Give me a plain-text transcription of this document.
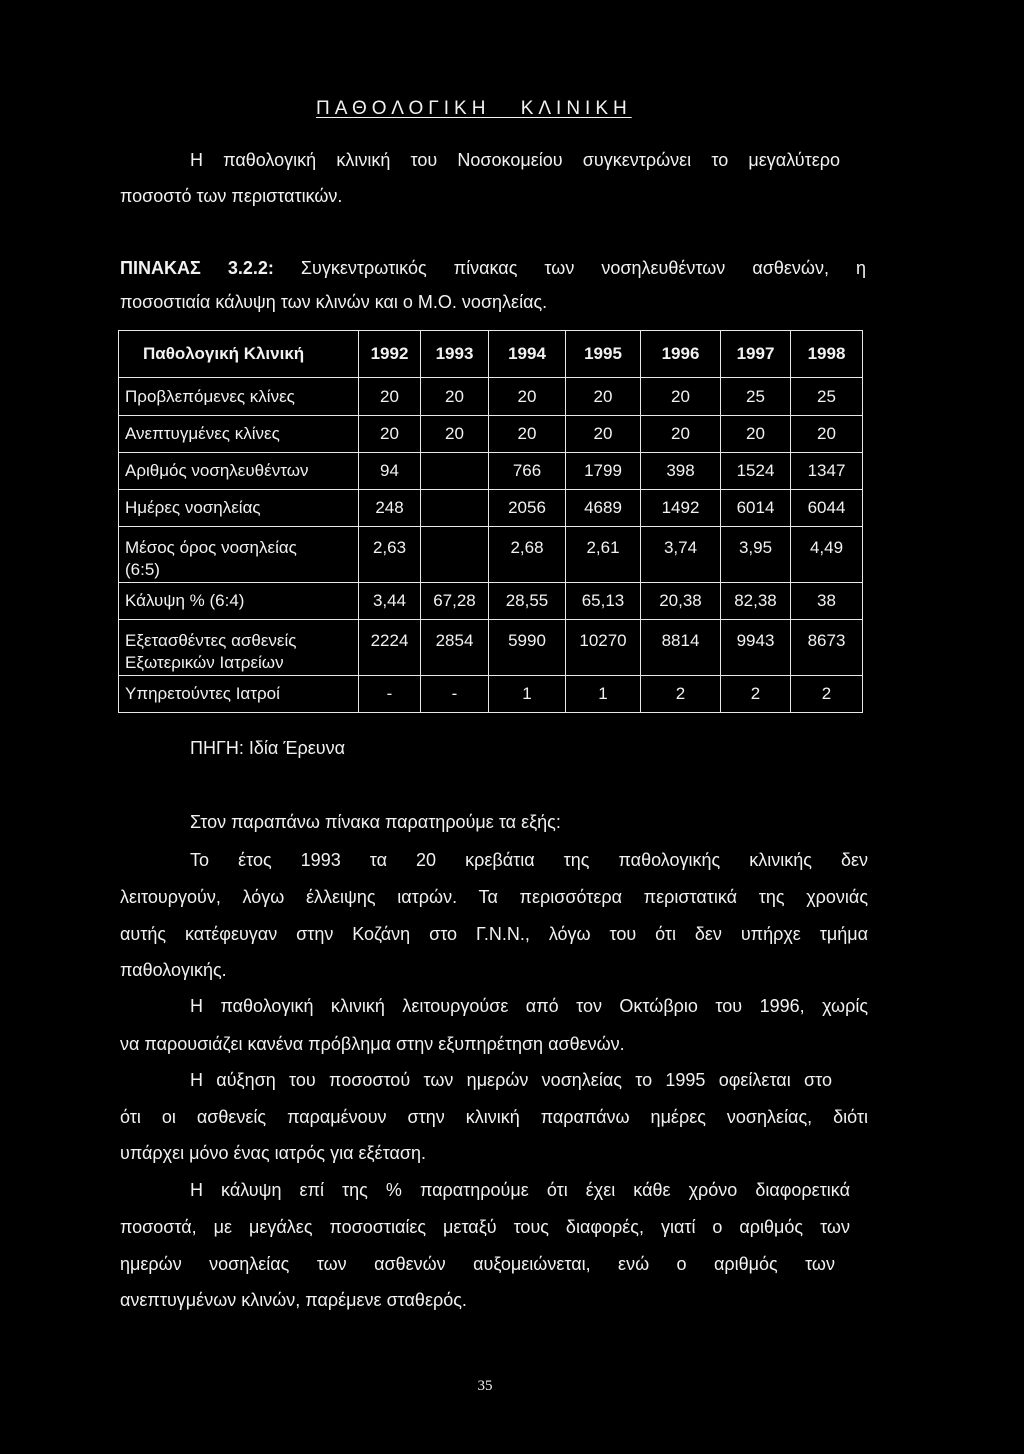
ΠΑΘΟΛΟΓΙΚΗ ΚΛΙΝΙΚΗ
Η παθολογική κλινική του Νοσοκομείου συγκεντρώνει το μεγαλύτερο
ποσοστό των περιστατικών.
ΠΙΝΑΚΑΣ 3.2.2: Συγκεντρωτικός πίνακας των νοσηλευθέντων ασθενών, η
ποσοστιαία κάλυψη των κλινών και ο Μ.Ο. νοσηλείας.
Παθολογική Κλινική	1992	1993	1994	1995	1996	1997	1998
Προβλεπόμενες κλίνες	20	20	20	20	20	25	25
Ανεπτυγμένες κλίνες	20	20	20	20	20	20	20
Αριθμός νοσηλευθέντων	94		766	1799	398	1524	1347
Ημέρες νοσηλείας	248		2056	4689	1492	6014	6044
Μέσος όρος νοσηλείας (6:5)	2,63		2,68	2,61	3,74	3,95	4,49
Κάλυψη % (6:4)	3,44	67,28	28,55	65,13	20,38	82,38	38
Εξετασθέντες ασθενείς Εξωτερικών Ιατρείων	2224	2854	5990	10270	8814	9943	8673
Υπηρετούντες Ιατροί	-	-	1	1	2	2	2
ΠΗΓΗ: Ιδία Έρευνα
Στον παραπάνω πίνακα παρατηρούμε τα εξής:
Το έτος 1993 τα 20 κρεβάτια της παθολογικής κλινικής δεν
λειτουργούν, λόγω έλλειψης ιατρών. Τα περισσότερα περιστατικά της χρονιάς
αυτής κατέφευγαν στην Κοζάνη στο Γ.Ν.Ν., λόγω του ότι δεν υπήρχε τμήμα
παθολογικής.
Η παθολογική κλινική λειτουργούσε από τον Οκτώβριο του 1996, χωρίς
να παρουσιάζει κανένα πρόβλημα στην εξυπηρέτηση ασθενών.
Η αύξηση του ποσοστού των ημερών νοσηλείας το 1995 οφείλεται στο
ότι οι ασθενείς παραμένουν στην κλινική παραπάνω ημέρες νοσηλείας, διότι
υπάρχει μόνο ένας ιατρός για εξέταση.
Η κάλυψη επί της % παρατηρούμε ότι έχει κάθε χρόνο διαφορετικά
ποσοστά, με μεγάλες ποσοστιαίες μεταξύ τους διαφορές, γιατί ο αριθμός των
ημερών νοσηλείας των ασθενών αυξομειώνεται, ενώ ο αριθμός των
ανεπτυγμένων κλινών, παρέμενε σταθερός.
35
